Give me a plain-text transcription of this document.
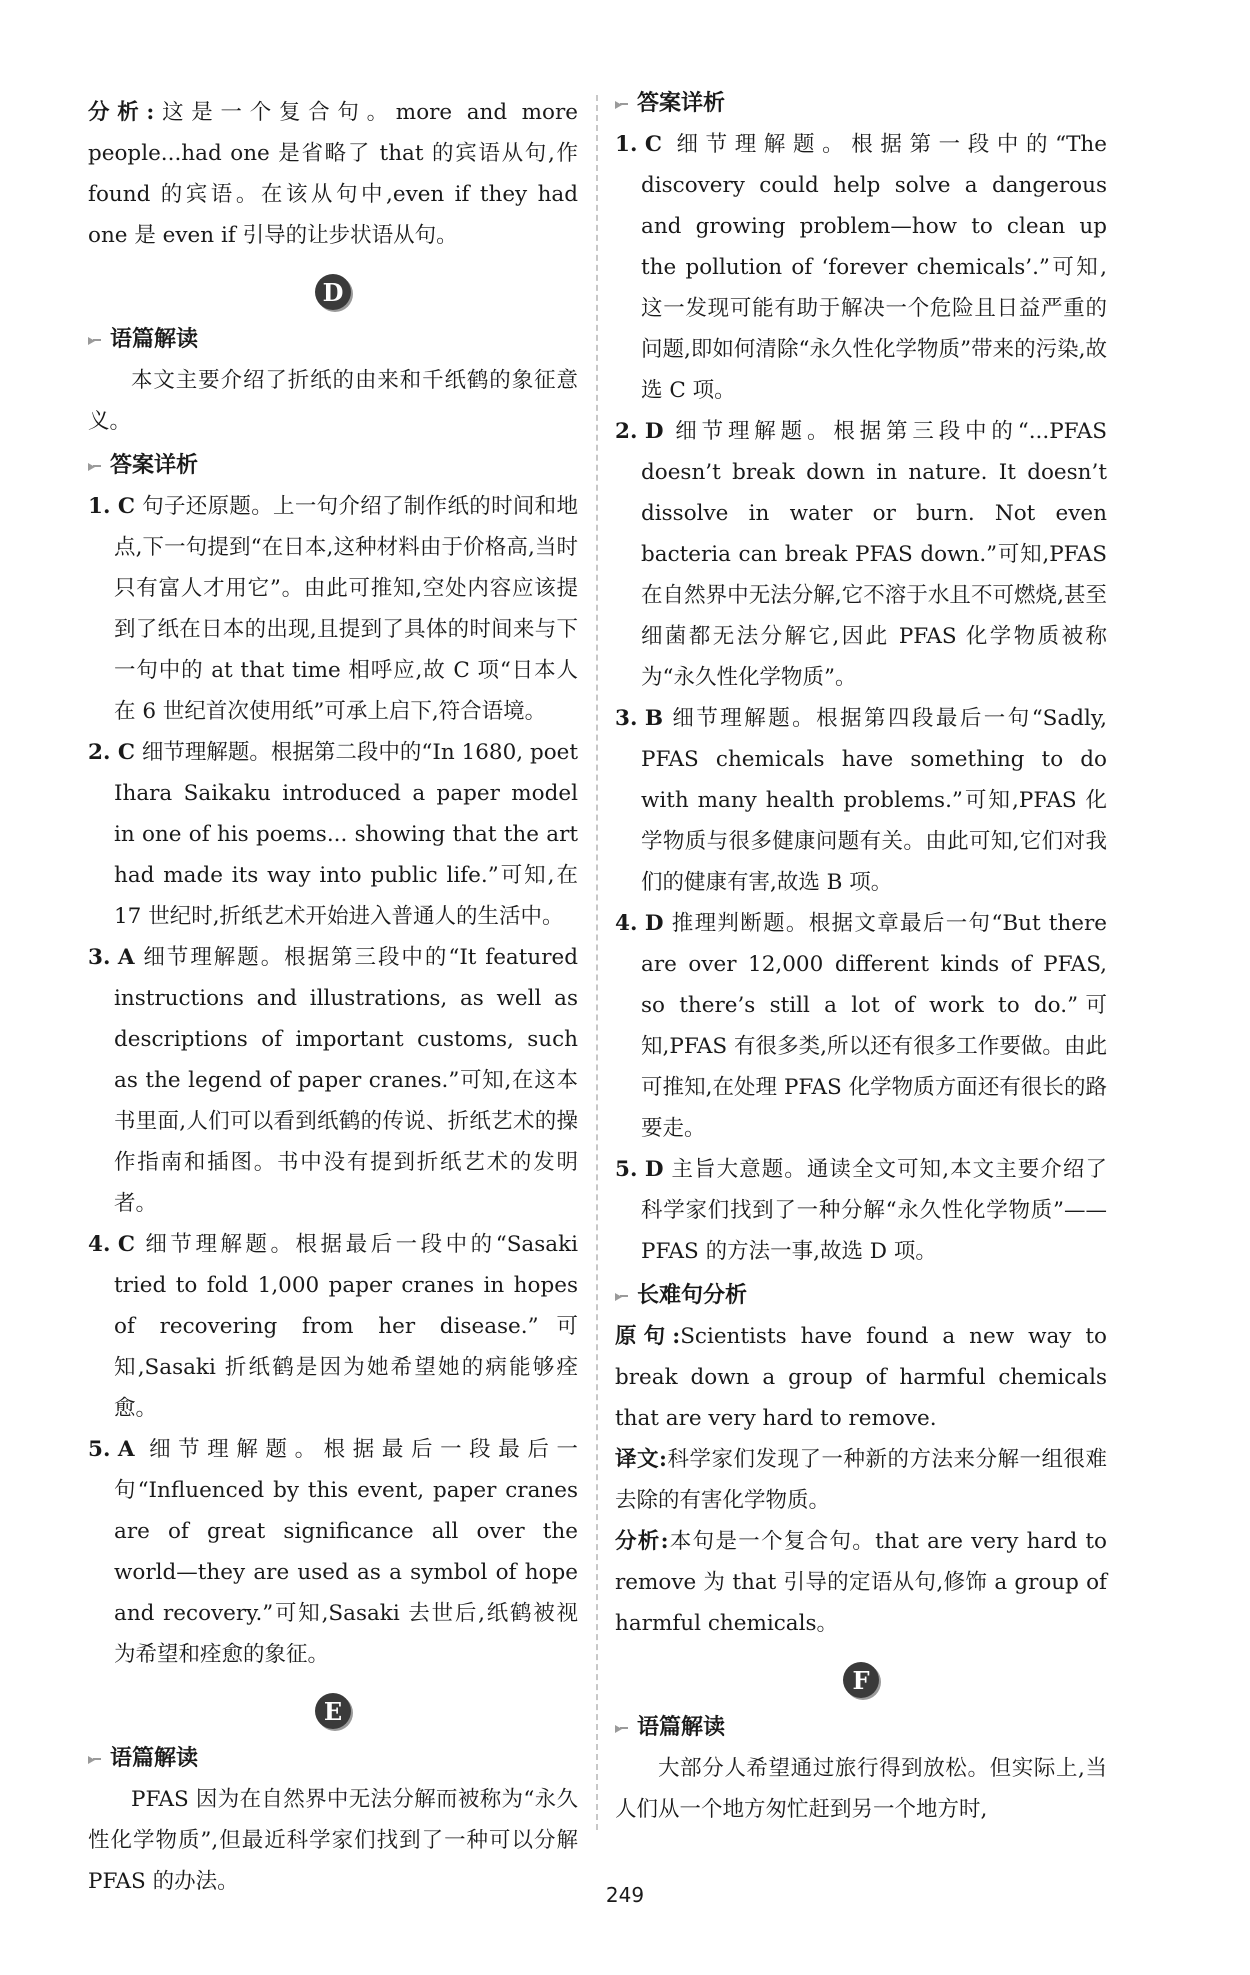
分析:这是一个复合句。more and more people...had one 是省略了 that 的宾语从句,作 found 的宾语。在该从句中,even if they had one 是 even if 引导的让步状语从句。

D
语篇解读

本文主要介绍了折纸的由来和千纸鹤的象征意义。

答案详析

1. C 句子还原题。上一句介绍了制作纸的时间和地点,下一句提到“在日本,这种材料由于价格高,当时只有富人才用它”。由此可推知,空处内容应该提到了纸在日本的出现,且提到了具体的时间来与下一句中的 at that time 相呼应,故 C 项“日本人在 6 世纪首次使用纸”可承上启下,符合语境。

2. C 细节理解题。根据第二段中的“In 1680, poet Ihara Saikaku introduced a paper model in one of his poems... showing that the art had made its way into public life.”可知,在 17 世纪时,折纸艺术开始进入普通人的生活中。

3. A 细节理解题。根据第三段中的“It featured instructions and illustrations, as well as descriptions of important customs, such as the legend of paper cranes.”可知,在这本书里面,人们可以看到纸鹤的传说、折纸艺术的操作指南和插图。书中没有提到折纸艺术的发明者。

4. C 细节理解题。根据最后一段中的“Sasaki tried to fold 1,000 paper cranes in hopes of recovering from her disease.”可知,Sasaki 折纸鹤是因为她希望她的病能够痊愈。

5. A 细节理解题。根据最后一段最后一句“Influenced by this event, paper cranes are of great significance all over the world—they are used as a symbol of hope and recovery.”可知,Sasaki 去世后,纸鹤被视为希望和痊愈的象征。

E
语篇解读

PFAS 因为在自然界中无法分解而被称为“永久性化学物质”,但最近科学家们找到了一种可以分解 PFAS 的办法。

答案详析

1. C 细节理解题。根据第一段中的“The discovery could help solve a dangerous and growing problem—how to clean up the pollution of ‘forever chemicals’.”可知,这一发现可能有助于解决一个危险且日益严重的问题,即如何清除“永久性化学物质”带来的污染,故选 C 项。

2. D 细节理解题。根据第三段中的“...PFAS doesn’t break down in nature. It doesn’t dissolve in water or burn. Not even bacteria can break PFAS down.”可知,PFAS 在自然界中无法分解,它不溶于水且不可燃烧,甚至细菌都无法分解它,因此 PFAS 化学物质被称为“永久性化学物质”。

3. B 细节理解题。根据第四段最后一句“Sadly, PFAS chemicals have something to do with many health problems.”可知,PFAS 化学物质与很多健康问题有关。由此可知,它们对我们的健康有害,故选 B 项。

4. D 推理判断题。根据文章最后一句“But there are over 12,000 different kinds of PFAS, so there’s still a lot of work to do.”可知,PFAS 有很多类,所以还有很多工作要做。由此可推知,在处理 PFAS 化学物质方面还有很长的路要走。

5. D 主旨大意题。通读全文可知,本文主要介绍了科学家们找到了一种分解“永久性化学物质”——PFAS 的方法一事,故选 D 项。

长难句分析

原句:Scientists have found a new way to break down a group of harmful chemicals that are very hard to remove.

译文:科学家们发现了一种新的方法来分解一组很难去除的有害化学物质。

分析:本句是一个复合句。that are very hard to remove 为 that 引导的定语从句,修饰 a group of harmful chemicals。

F
语篇解读

大部分人希望通过旅行得到放松。但实际上,当人们从一个地方匆忙赶到另一个地方时,

249
